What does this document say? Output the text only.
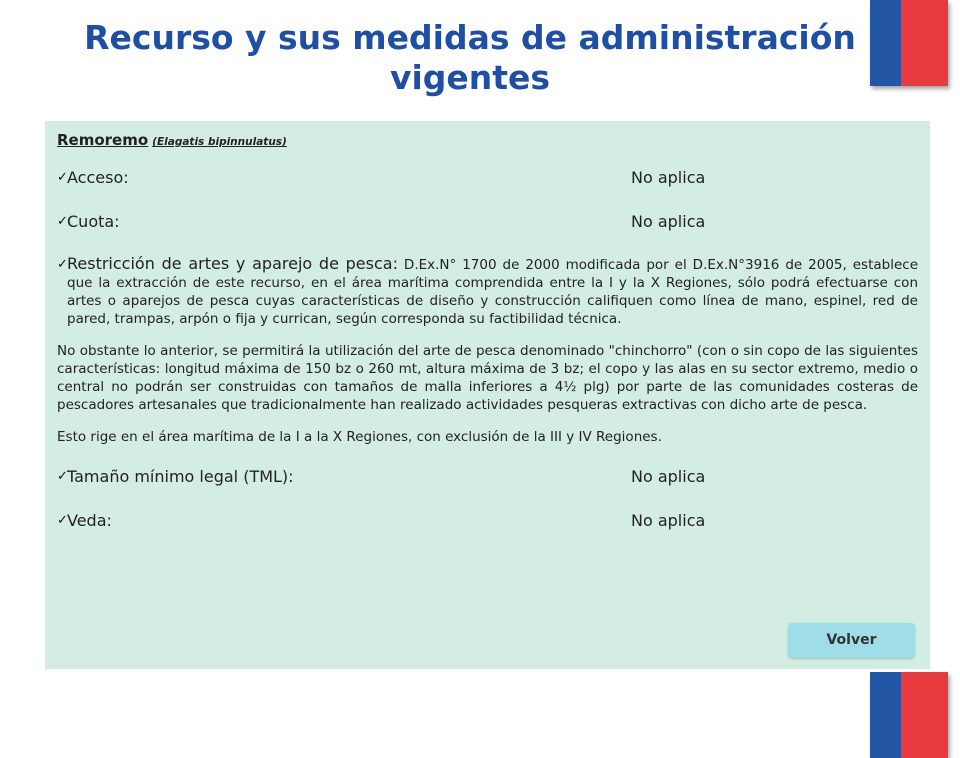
Recurso y sus medidas de administración vigentes
Remoremo (Elagatis bipinnulatus)
✓ Acceso:	No aplica
✓ Cuota:	No aplica
✓ Restricción de artes y aparejo de pesca: D.Ex.N° 1700 de 2000 modificada por el D.Ex.N°3916 de 2005, establece que la extracción de este recurso, en el área marítima comprendida entre la I y la X Regiones, sólo podrá efectuarse con artes o aparejos de pesca cuyas características de diseño y construcción califiquen como línea de mano, espinel, red de pared, trampas, arpón o fija y currican, según corresponda su factibilidad técnica.

No obstante lo anterior, se permitirá la utilización del arte de pesca denominado "chinchorro" (con o sin copo de las siguientes características: longitud máxima de 150 bz o 260 mt, altura máxima de 3 bz; el copo y las alas en su sector extremo, medio o central no podrán ser construidas con tamaños de malla inferiores a 4½ plg) por parte de las comunidades costeras de pescadores artesanales que tradicionalmente han realizado actividades pesqueras extractivas con dicho arte de pesca.

Esto rige en el área marítima de la I a la X Regiones, con exclusión de la III y IV Regiones.

✓ Tamaño mínimo legal (TML):	No aplica
✓ Veda:	No aplica
Volver
